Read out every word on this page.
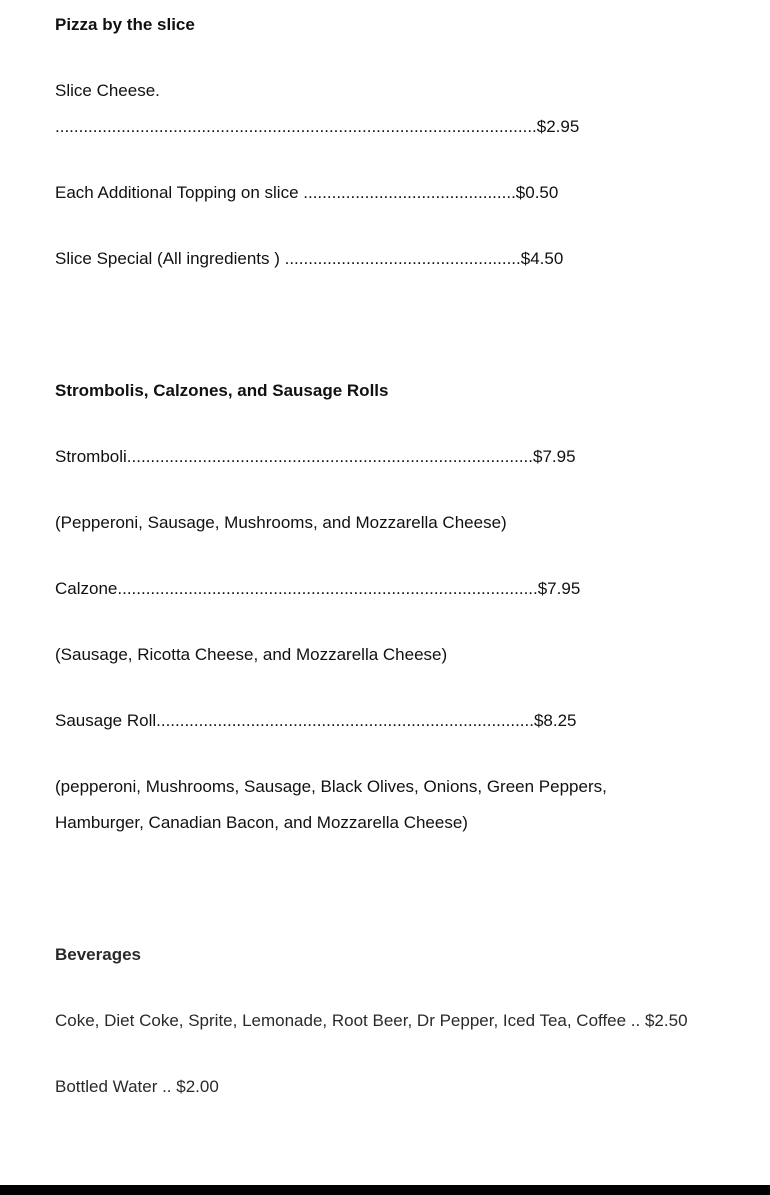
Pizza by the slice
Slice Cheese.
......................................................................................................$2.95
Each Additional Topping on slice .............................................$0.50
Slice Special (All ingredients ) ..................................................$4.50
Strombolis, Calzones, and Sausage Rolls
Stromboli......................................................................................$7.95
(Pepperoni, Sausage, Mushrooms, and Mozzarella Cheese)
Calzone.........................................................................................$7.95
(Sausage, Ricotta Cheese, and Mozzarella Cheese)
Sausage Roll................................................................................$8.25
(pepperoni, Mushrooms, Sausage, Black Olives, Onions, Green Peppers,
Hamburger, Canadian Bacon, and Mozzarella Cheese)
Beverages
Coke, Diet Coke, Sprite, Lemonade, Root Beer, Dr Pepper, Iced Tea, Coffee .. $2.50
Bottled Water .. $2.00
